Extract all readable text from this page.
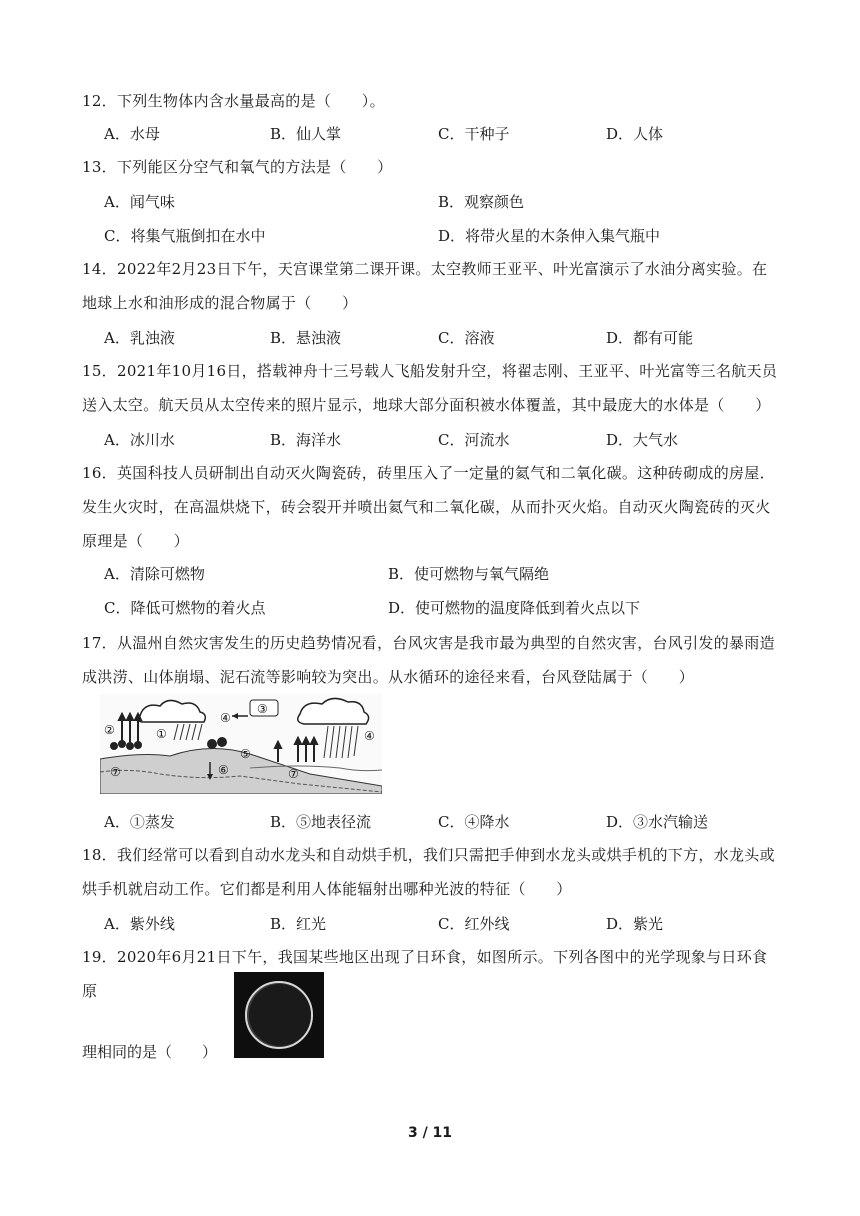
12．下列生物体内含水量最高的是（　　）。
A．水母	B．仙人掌	C．干种子	D．人体
13．下列能区分空气和氧气的方法是（　　）
A．闻气味	B．观察颜色
C．将集气瓶倒扣在水中	D．将带火星的木条伸入集气瓶中
14．2022年2月23日下午，天宫课堂第二课开课。太空教师王亚平、叶光富演示了水油分离实验。在地球上水和油形成的混合物属于（　　）
A．乳浊液	B．悬浊液	C．溶液	D．都有可能
15．2021年10月16日，搭载神舟十三号载人飞船发射升空，将翟志刚、王亚平、叶光富等三名航天员送入太空。航天员从太空传来的照片显示，地球大部分面积被水体覆盖，其中最庞大的水体是（　　）
A．冰川水	B．海洋水	C．河流水	D．大气水
16．英国科技人员研制出自动灭火陶瓷砖，砖里压入了一定量的氦气和二氧化碳。这种砖砌成的房屋．发生火灾时，在高温烘烧下，砖会裂开并喷出氦气和二氧化碳，从而扑灭火焰。自动灭火陶瓷砖的灭火原理是（　　）
A．清除可燃物	B．使可燃物与氧气隔绝
C．降低可燃物的着火点	D．使可燃物的温度降低到着火点以下
17．从温州自然灾害发生的历史趋势情况看，台风灾害是我市最为典型的自然灾害，台风引发的暴雨造成洪涝、山体崩塌、泥石流等影响较为突出。从水循环的途径来看，台风登陆属于（　　）
①
②
③
④
④
⑤
⑥
⑦	⑦
A．①蒸发	B．⑤地表径流	C．④降水	D．③水汽输送
18．我们经常可以看到自动水龙头和自动烘手机，我们只需把手伸到水龙头或烘手机的下方，水龙头或烘手机就启动工作。它们都是利用人体能辐射出哪种光波的特征（　　）
A．紫外线	B．红光	C．红外线	D．紫光
19．2020年6月21日下午，我国某些地区出现了日环食，如图所示。下列各图中的光学现象与日环食原
理相同的是（　　）
3 / 11
